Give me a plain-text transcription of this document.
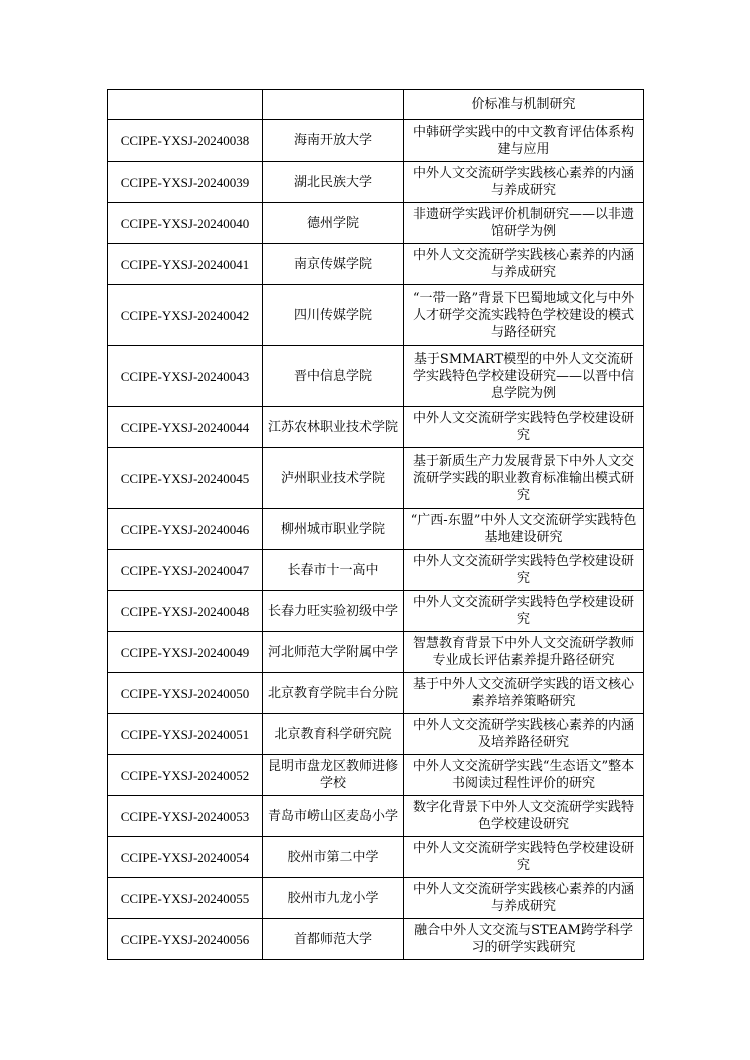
		价标准与机制研究
CCIPE-YXSJ-20240038	海南开放大学	中韩研学实践中的中文教育评估体系构建与应用
CCIPE-YXSJ-20240039	湖北民族大学	中外人文交流研学实践核心素养的内涵与养成研究
CCIPE-YXSJ-20240040	德州学院	非遗研学实践评价机制研究——以非遗馆研学为例
CCIPE-YXSJ-20240041	南京传媒学院	中外人文交流研学实践核心素养的内涵与养成研究
CCIPE-YXSJ-20240042	四川传媒学院	“一带一路”背景下巴蜀地域文化与中外人才研学交流实践特色学校建设的模式与路径研究
CCIPE-YXSJ-20240043	晋中信息学院	基于SMMART模型的中外人文交流研学实践特色学校建设研究——以晋中信息学院为例
CCIPE-YXSJ-20240044	江苏农林职业技术学院	中外人文交流研学实践特色学校建设研究
CCIPE-YXSJ-20240045	泸州职业技术学院	基于新质生产力发展背景下中外人文交流研学实践的职业教育标准输出模式研究
CCIPE-YXSJ-20240046	柳州城市职业学院	“广西-东盟”中外人文交流研学实践特色基地建设研究
CCIPE-YXSJ-20240047	长春市十一高中	中外人文交流研学实践特色学校建设研究
CCIPE-YXSJ-20240048	长春力旺实验初级中学	中外人文交流研学实践特色学校建设研究
CCIPE-YXSJ-20240049	河北师范大学附属中学	智慧教育背景下中外人文交流研学教师专业成长评估素养提升路径研究
CCIPE-YXSJ-20240050	北京教育学院丰台分院	基于中外人文交流研学实践的语文核心素养培养策略研究
CCIPE-YXSJ-20240051	北京教育科学研究院	中外人文交流研学实践核心素养的内涵及培养路径研究
CCIPE-YXSJ-20240052	昆明市盘龙区教师进修学校	中外人文交流研学实践“生态语文”整本书阅读过程性评价的研究
CCIPE-YXSJ-20240053	青岛市崂山区麦岛小学	数字化背景下中外人文交流研学实践特色学校建设研究
CCIPE-YXSJ-20240054	胶州市第二中学	中外人文交流研学实践特色学校建设研究
CCIPE-YXSJ-20240055	胶州市九龙小学	中外人文交流研学实践核心素养的内涵与养成研究
CCIPE-YXSJ-20240056	首都师范大学	融合中外人文交流与STEAM跨学科学习的研学实践研究
